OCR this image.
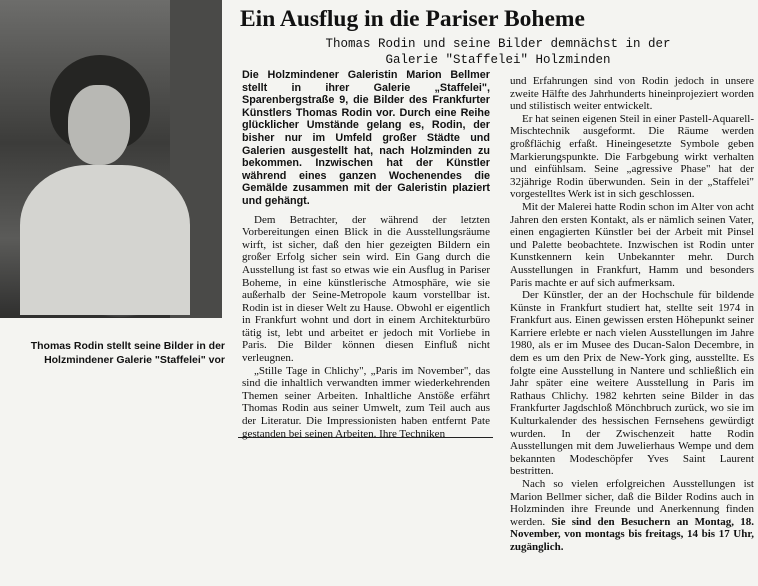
Thomas Rodin stellt seine Bilder in der Holzmindener Galerie "Staffelei" vor
Ein Ausflug in die Pariser Boheme
Thomas Rodin und seine Bilder demnächst in der Galerie "Staffelei" Holzminden

Die Holzmindener Galeristin Marion Bellmer stellt in ihrer Galerie „Staffelei", Sparenbergstraße 9, die Bilder des Frankfurter Künstlers Thomas Rodin vor. Durch eine Reihe glücklicher Umstände gelang es, Rodin, der bisher nur im Umfeld großer Städte und Galerien ausgestellt hat, nach Holzminden zu bekommen. Inzwischen hat der Künstler während eines ganzen Wochenendes die Gemälde zusammen mit der Galeristin plaziert und gehängt.

Dem Betrachter, der während der letzten Vorbereitungen einen Blick in die Ausstellungsräume wirft, ist sicher, daß den hier gezeigten Bildern ein großer Erfolg sicher sein wird. Ein Gang durch die Ausstellung ist fast so etwas wie ein Ausflug in Pariser Boheme, in eine künstlerische Atmosphäre, wie sie außerhalb der Seine-Metropole kaum vorstellbar ist. Rodin ist in dieser Welt zu Hause. Obwohl er eigentlich in Frankfurt wohnt und dort in einem Architekturbüro tätig ist, lebt und arbeitet er jedoch mit Vorliebe in Paris. Die Bilder können diesen Einfluß nicht verleugnen.

„Stille Tage in Chlichy", „Paris im November", das sind die inhaltlich verwandten immer wiederkehrenden Themen seiner Arbeiten. Inhaltliche Anstöße erfährt Thomas Rodin aus seiner Umwelt, zum Teil auch aus der Literatur. Die Impressionisten haben entfernt Pate gestanden bei seinen Arbeiten. Ihre Techniken

und Erfahrungen sind von Rodin jedoch in unsere zweite Hälfte des Jahrhunderts hineinprojeziert worden und stilistisch weiter entwickelt.

Er hat seinen eigenen Steil in einer Pastell-Aquarell-Mischtechnik ausgeformt. Die Räume werden großflächig erfaßt. Hineingesetzte Symbole geben Markierungspunkte. Die Farbgebung wirkt verhalten und einfühlsam. Seine „agressive Phase" hat der 32jährige Rodin überwunden. Sein in der „Staffelei" vorgestelltes Werk ist in sich geschlossen.

Mit der Malerei hatte Rodin schon im Alter von acht Jahren den ersten Kontakt, als er nämlich seinen Vater, einen engagierten Künstler bei der Arbeit mit Pinsel und Palette beobachtete. Inzwischen ist Rodin unter Kunstkennern kein Unbekannter mehr. Durch Ausstellungen in Frankfurt, Hamm und besonders Paris machte er auf sich aufmerksam.

Der Künstler, der an der Hochschule für bildende Künste in Frankfurt studiert hat, stellte seit 1974 in Frankfurt aus. Einen gewissen ersten Höhepunkt seiner Karriere erlebte er nach vielen Ausstellungen im Jahre 1980, als er im Musee des Ducan-Salon Decembre, in dem es um den Prix de New-York ging, ausstellte. Es folgte eine Ausstellung in Nantere und schließlich ein Jahr später eine weitere Ausstellung in Paris im Rathaus Chlichy. 1982 kehrten seine Bilder in das Frankfurter Jagdschloß Mönchbruch zurück, wo sie im Kulturkalender des hessischen Fernsehens gewürdigt wurden. In der Zwischenzeit hatte Rodin Ausstellungen mit dem Juwelierhaus Wempe und dem bekannten Modeschöpfer Yves Saint Laurent bestritten.

Nach so vielen erfolgreichen Ausstellungen ist Marion Bellmer sicher, daß die Bilder Rodins auch in Holzminden ihre Freunde und Anerkennung finden werden. Sie sind den Besuchern an Montag, 18. November, von montags bis freitags, 14 bis 17 Uhr, zugänglich.
